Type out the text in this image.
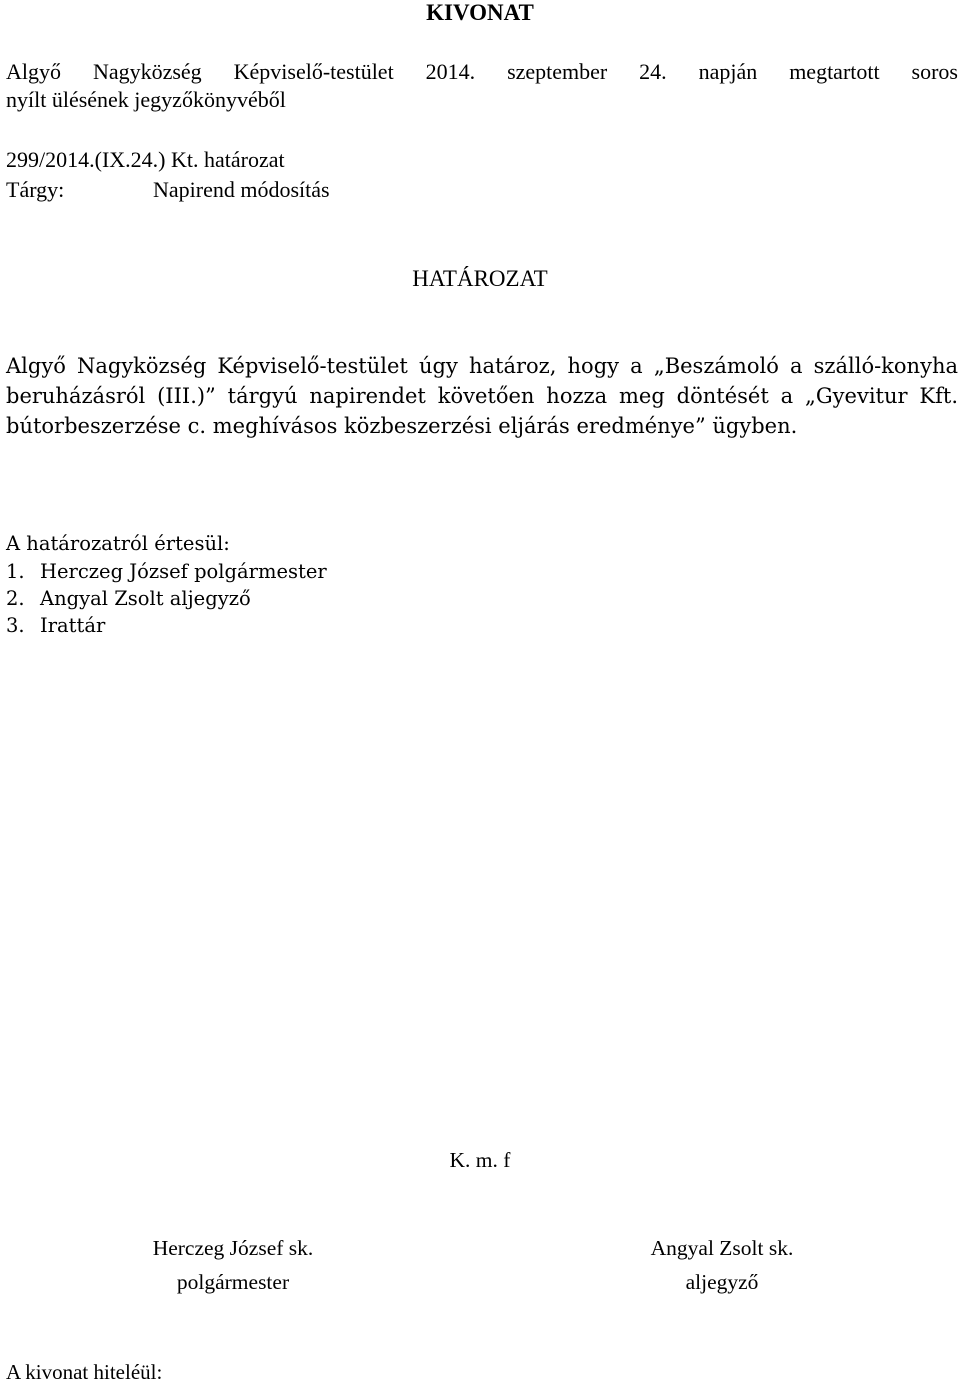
KIVONAT
Algyő Nagyközség Képviselő-testület 2014. szeptember 24. napján megtartott soros
nyílt ülésének jegyzőkönyvéből
299/2014.(IX.24.) Kt. határozat
Tárgy:	Napirend módosítás
HATÁROZAT
Algyő Nagyközség Képviselő-testület úgy határoz, hogy a „Beszámoló a szálló-konyha
beruházásról (III.)” tárgyú napirendet követően hozza meg döntését a „Gyevitur Kft.
bútorbeszerzése c. meghívásos közbeszerzési eljárás eredménye” ügyben.
A határozatról értesül:
1. Herczeg József polgármester
2. Angyal Zsolt aljegyző
3. Irattár
K. m. f
Herczeg József sk.
polgármester
Angyal Zsolt sk.
aljegyző
A kivonat hiteléül:
